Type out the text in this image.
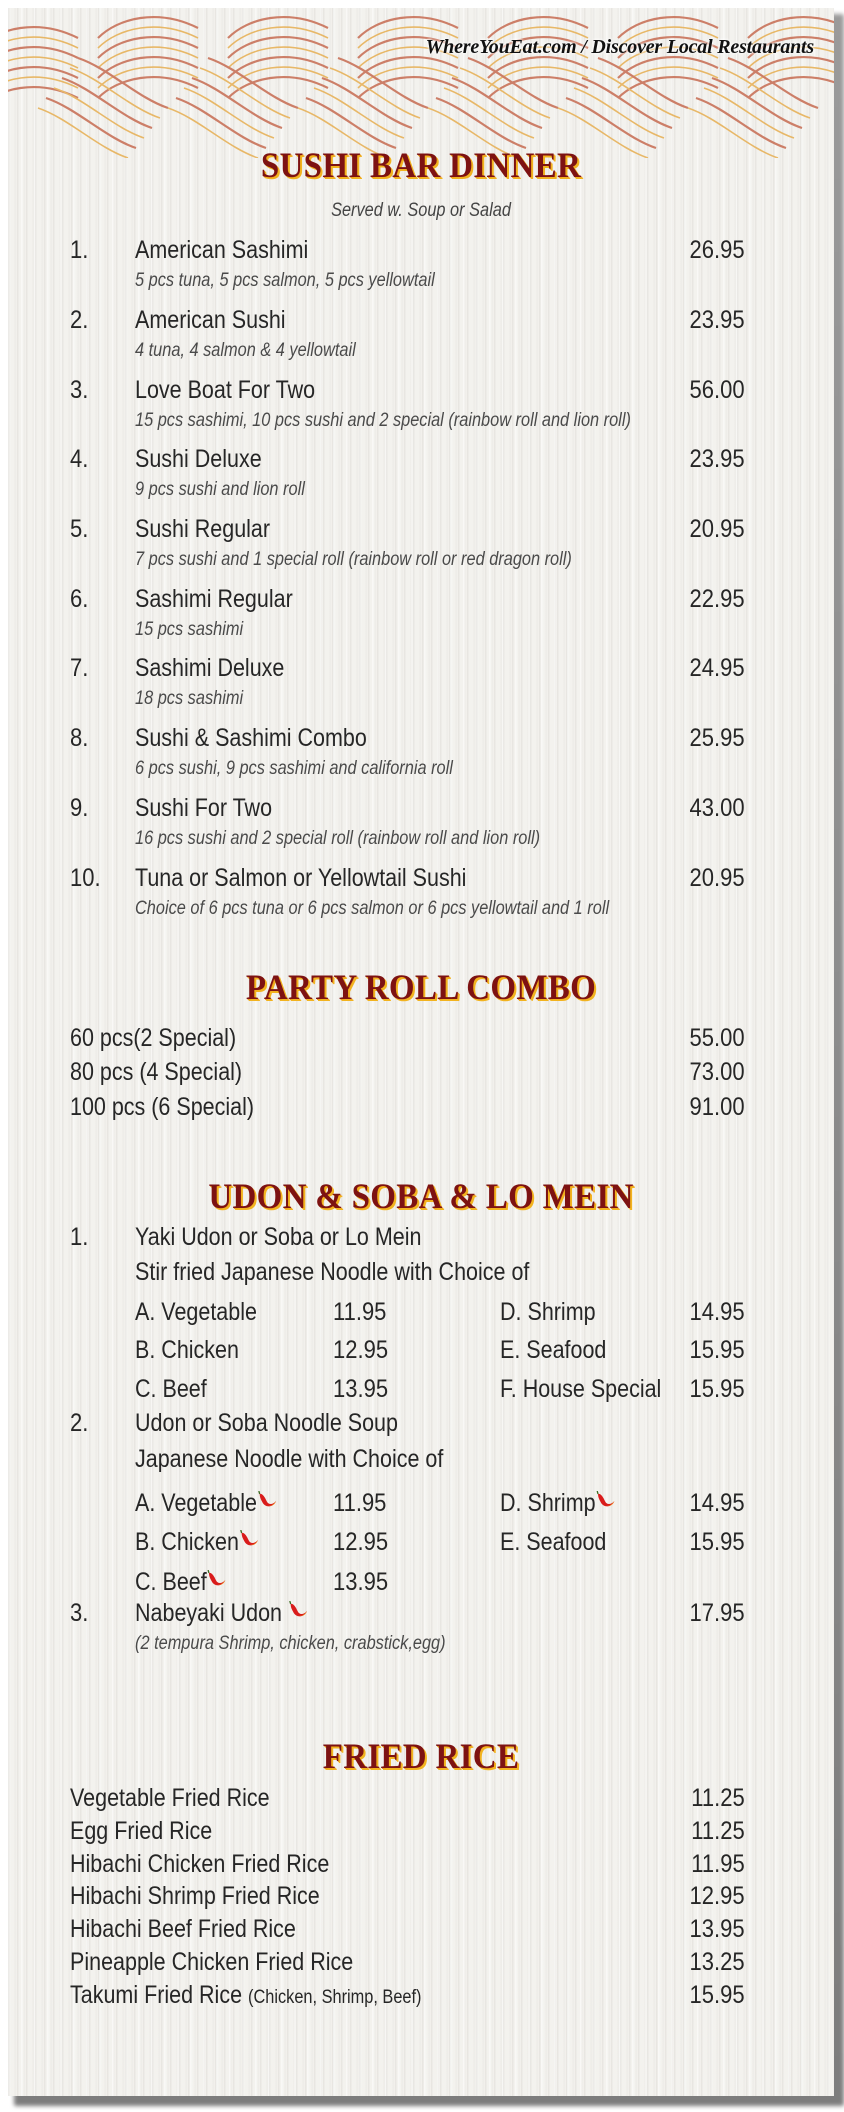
WhereYouEat.com / Discover Local Restaurants
SUSHI BAR DINNER
Served w. Soup or Salad
1. American Sashimi	26.95
5 pcs tuna, 5 pcs salmon, 5 pcs yellowtail
2. American Sushi	23.95
4 tuna, 4 salmon & 4 yellowtail
3. Love Boat For Two	56.00
15 pcs sashimi, 10 pcs sushi and 2 special (rainbow roll and lion roll)
4. Sushi Deluxe	23.95
9 pcs sushi and lion roll
5. Sushi Regular	20.95
7 pcs sushi and 1 special roll (rainbow roll or red dragon roll)
6. Sashimi Regular	22.95
15 pcs sashimi
7. Sashimi Deluxe	24.95
18 pcs sashimi
8. Sushi & Sashimi Combo	25.95
6 pcs sushi, 9 pcs sashimi and california roll
9. Sushi For Two	43.00
16 pcs sushi and 2 special roll (rainbow roll and lion roll)
10. Tuna or Salmon or Yellowtail Sushi	20.95
Choice of 6 pcs tuna or 6 pcs salmon or 6 pcs yellowtail and 1 roll
PARTY ROLL COMBO
60 pcs(2 Special)	55.00
80 pcs (4 Special)	73.00
100 pcs (6 Special)	91.00
UDON & SOBA & LO MEIN
1. Yaki Udon or Soba or Lo Mein
Stir fried Japanese Noodle with Choice of
A. Vegetable	11.95	D. Shrimp	14.95
B. Chicken	12.95	E. Seafood	15.95
C. Beef	13.95	F. House Special 15.95
2. Udon or Soba Noodle Soup
Japanese Noodle with Choice of
A. Vegetable	11.95	D. Shrimp	14.95
B. Chicken	12.95	E. Seafood	15.95
C. Beef	13.95
3. Nabeyaki Udon	17.95
(2 tempura Shrimp, chicken, crabstick,egg)
FRIED RICE
Vegetable Fried Rice	11.25
Egg Fried Rice	11.25
Hibachi Chicken Fried Rice	11.95
Hibachi Shrimp Fried Rice	12.95
Hibachi Beef Fried Rice	13.95
Pineapple Chicken Fried Rice	13.25
Takumi Fried Rice (Chicken, Shrimp, Beef)	15.95
